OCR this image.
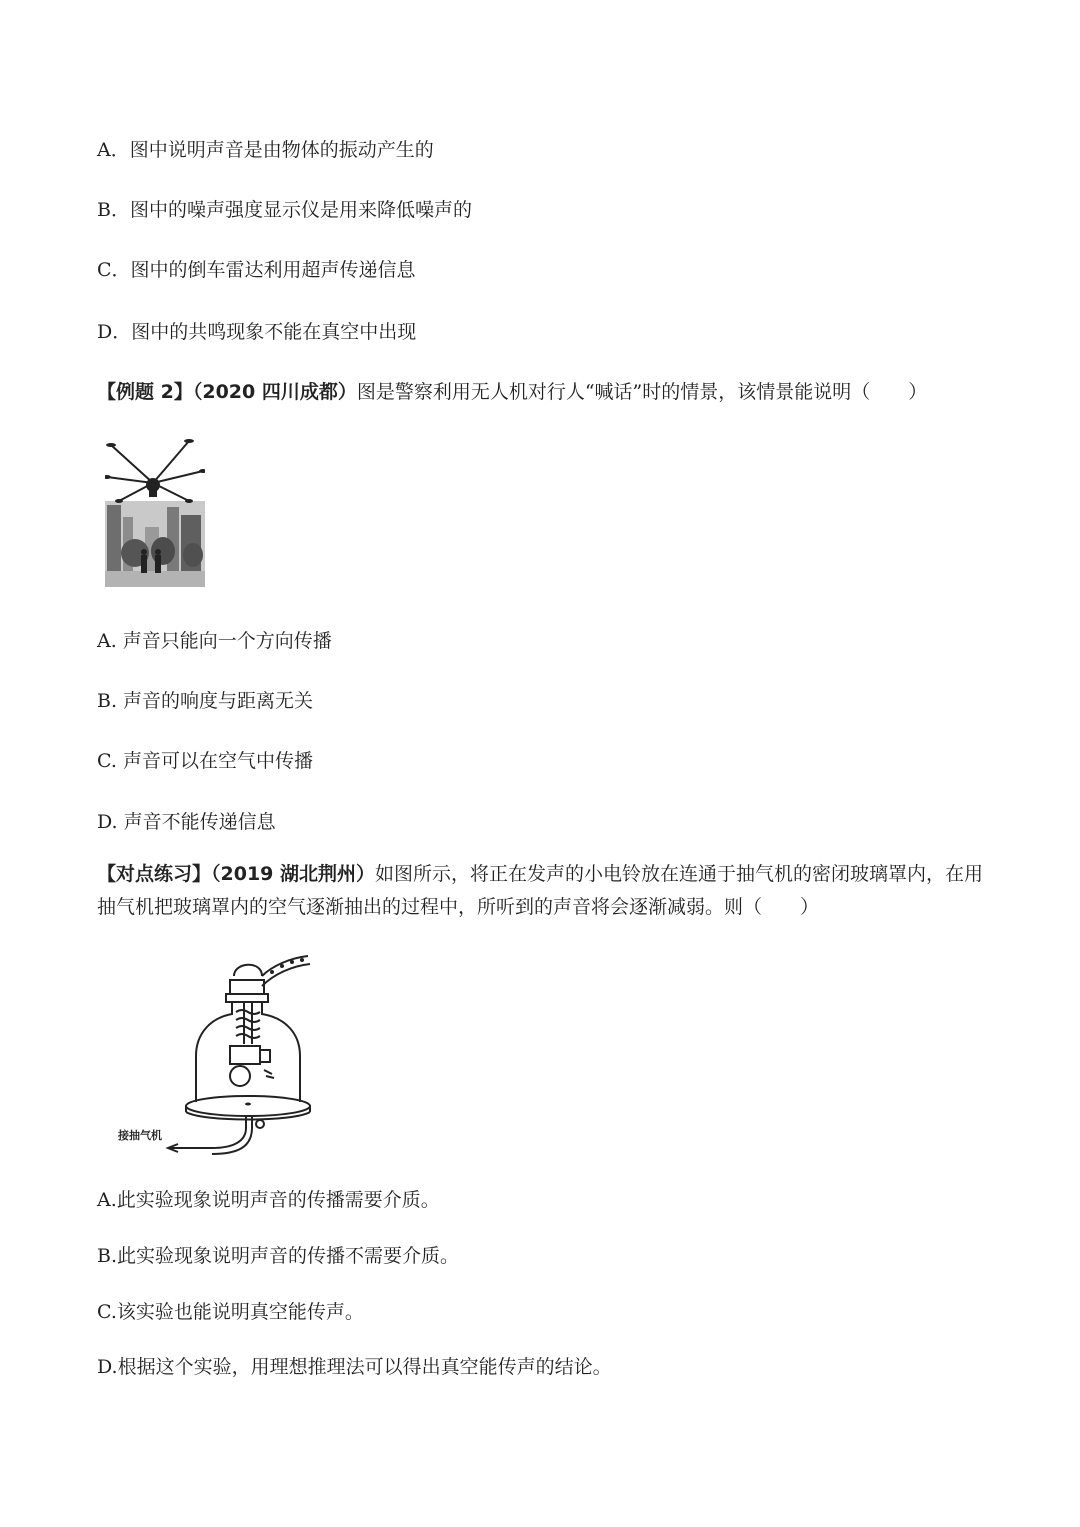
A．图中说明声音是由物体的振动产生的
B．图中的噪声强度显示仪是用来降低噪声的
C．图中的倒车雷达利用超声传递信息
D．图中的共鸣现象不能在真空中出现
【例题 2】（2020 四川成都）图是警察利用无人机对行人“喊话”时的情景，该情景能说明（　　）
A. 声音只能向一个方向传播
B. 声音的响度与距离无关
C. 声音可以在空气中传播
D. 声音不能传递信息
【对点练习】（2019 湖北荆州）如图所示，将正在发声的小电铃放在连通于抽气机的密闭玻璃罩内，在用抽气机把玻璃罩内的空气逐渐抽出的过程中，所听到的声音将会逐渐减弱。则（　　）
接抽气机
A.此实验现象说明声音的传播需要介质。
B.此实验现象说明声音的传播不需要介质。
C.该实验也能说明真空能传声。
D.根据这个实验，用理想推理法可以得出真空能传声的结论。
